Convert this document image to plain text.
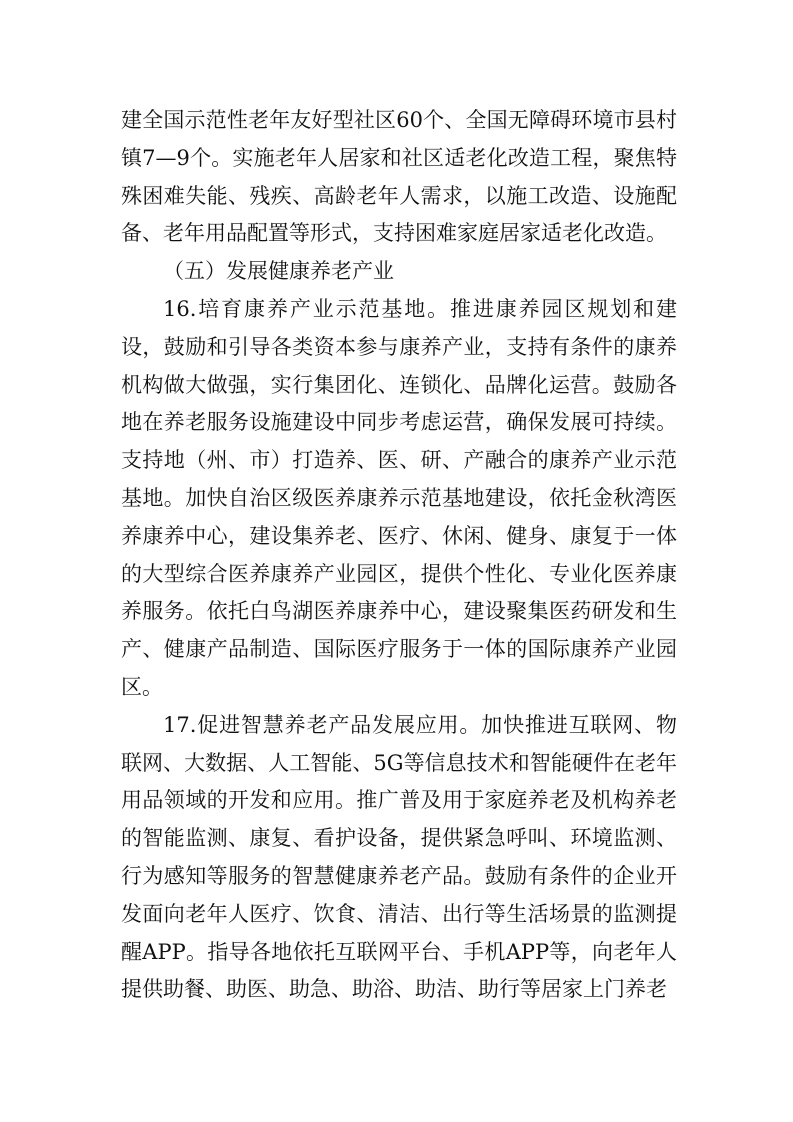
建全国示范性老年友好型社区60个、全国无障碍环境市县村镇7—9个。实施老年人居家和社区适老化改造工程，聚焦特殊困难失能、残疾、高龄老年人需求，以施工改造、设施配备、老年用品配置等形式，支持困难家庭居家适老化改造。

（五）发展健康养老产业

16.培育康养产业示范基地。推进康养园区规划和建设，鼓励和引导各类资本参与康养产业，支持有条件的康养机构做大做强，实行集团化、连锁化、品牌化运营。鼓励各地在养老服务设施建设中同步考虑运营，确保发展可持续。支持地（州、市）打造养、医、研、产融合的康养产业示范基地。加快自治区级医养康养示范基地建设，依托金秋湾医养康养中心，建设集养老、医疗、休闲、健身、康复于一体的大型综合医养康养产业园区，提供个性化、专业化医养康养服务。依托白鸟湖医养康养中心，建设聚集医药研发和生产、健康产品制造、国际医疗服务于一体的国际康养产业园区。

17.促进智慧养老产品发展应用。加快推进互联网、物联网、大数据、人工智能、5G等信息技术和智能硬件在老年用品领域的开发和应用。推广普及用于家庭养老及机构养老的智能监测、康复、看护设备，提供紧急呼叫、环境监测、行为感知等服务的智慧健康养老产品。鼓励有条件的企业开发面向老年人医疗、饮食、清洁、出行等生活场景的监测提醒APP。指导各地依托互联网平台、手机APP等，向老年人提供助餐、助医、助急、助浴、助洁、助行等居家上门养老
